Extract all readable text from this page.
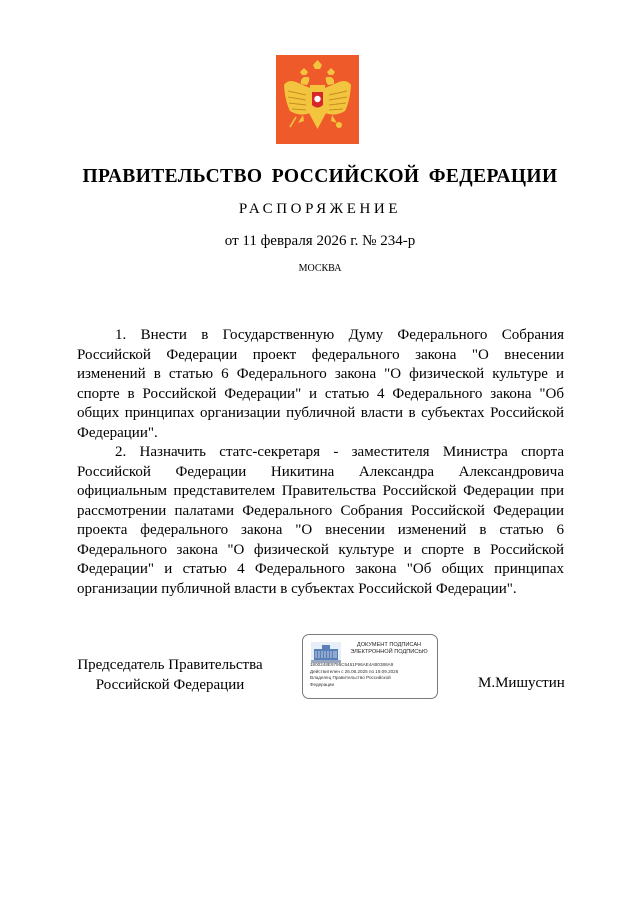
ПРАВИТЕЛЬСТВО РОССИЙСКОЙ ФЕДЕРАЦИИ
РАСПОРЯЖЕНИЕ
от 11 февраля 2026 г. № 234-р
МОСКВА

1. Внести в Государственную Думу Федерального Собрания Российской Федерации проект федерального закона "О внесении изменений в статью 6 Федерального закона "О физической культуре и спорте в Российской Федерации" и статью 4 Федерального закона "Об общих принципах организации публичной власти в субъектах Российской Федерации".

2. Назначить статс-секретаря - заместителя Министра спорта Российской Федерации Никитина Александра Александровича официальным представителем Правительства Российской Федерации при рассмотрении палатами Федерального Собрания Российской Федерации проекта федерального закона "О внесении изменений в статью 6 Федерального закона "О физической культуре и спорте в Российской Федерации" и статью 4 Федерального закона "Об общих принципах организации публичной власти в субъектах Российской Федерации".

Председатель Правительства
Российской Федерации
ДОКУМЕНТ ПОДПИСАН
ЭЛЕКТРОННОЙ ПОДПИСЬЮ
1800248E9795C5451F96AE4AB0388A9
Действителен с 26.06.2025 по 19.09.2026
Владелец Правительство Российской
Федерации	М.Мишустин
